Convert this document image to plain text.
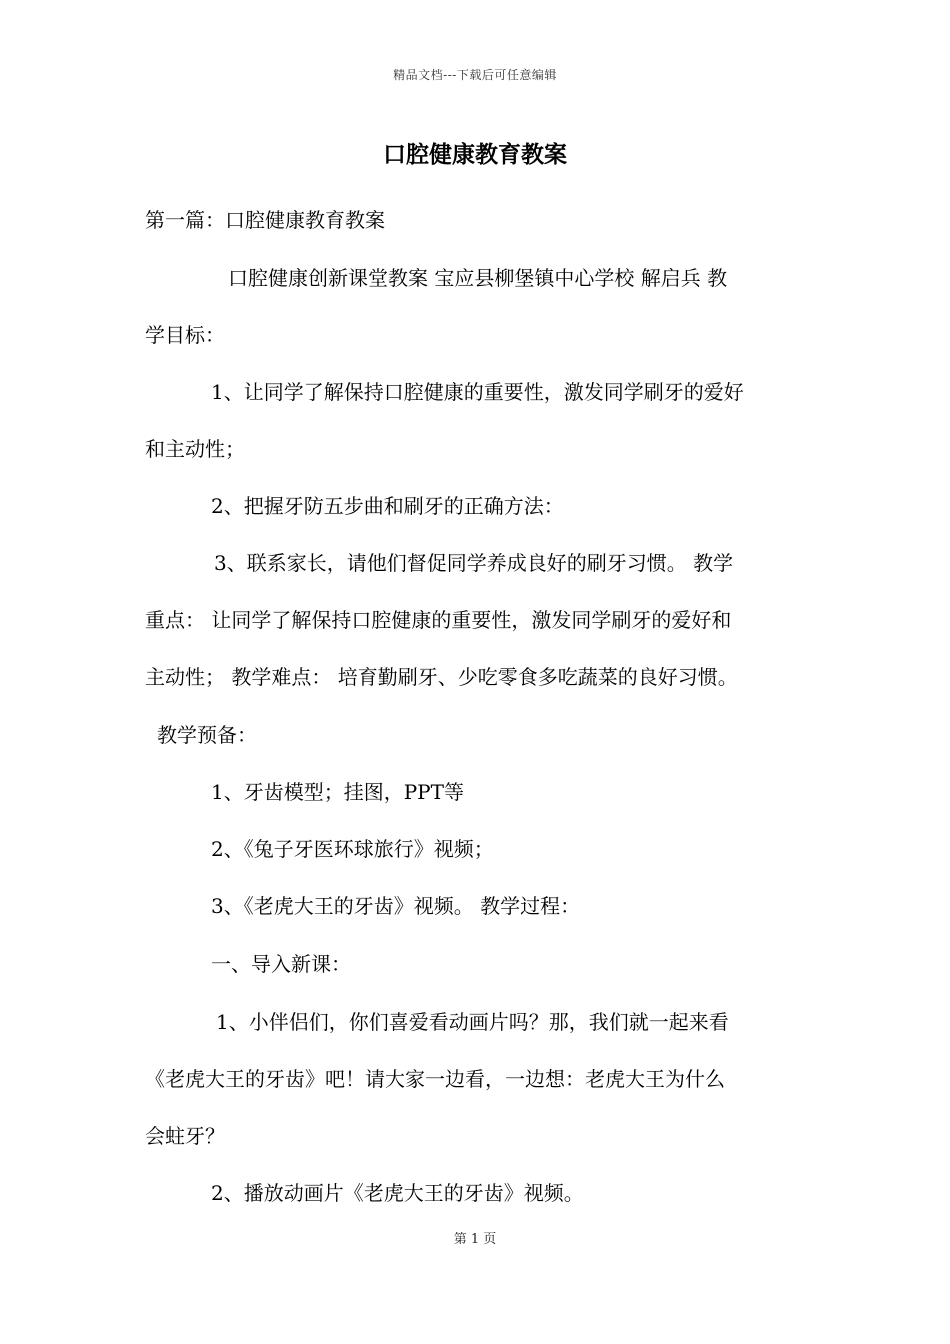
精品文档---下载后可任意编辑
口腔健康教育教案
第一篇：口腔健康教育教案
口腔健康创新课堂教案 宝应县柳堡镇中心学校 解启兵 教
学目标：
1、让同学了解保持口腔健康的重要性，激发同学刷牙的爱好
和主动性；
2、把握牙防五步曲和刷牙的正确方法：
3、联系家长，请他们督促同学养成良好的刷牙习惯。 教学
重点： 让同学了解保持口腔健康的重要性，激发同学刷牙的爱好和
主动性； 教学难点： 培育勤刷牙、少吃零食多吃蔬菜的良好习惯。
教学预备：
1、牙齿模型；挂图，PPT等
2、《兔子牙医环球旅行》视频；
3、《老虎大王的牙齿》视频。 教学过程：
一、导入新课：
1、小伴侣们，你们喜爱看动画片吗？那，我们就一起来看
《老虎大王的牙齿》吧！请大家一边看，一边想：老虎大王为什么
会蛀牙？
2、播放动画片《老虎大王的牙齿》视频。
第 1 页
